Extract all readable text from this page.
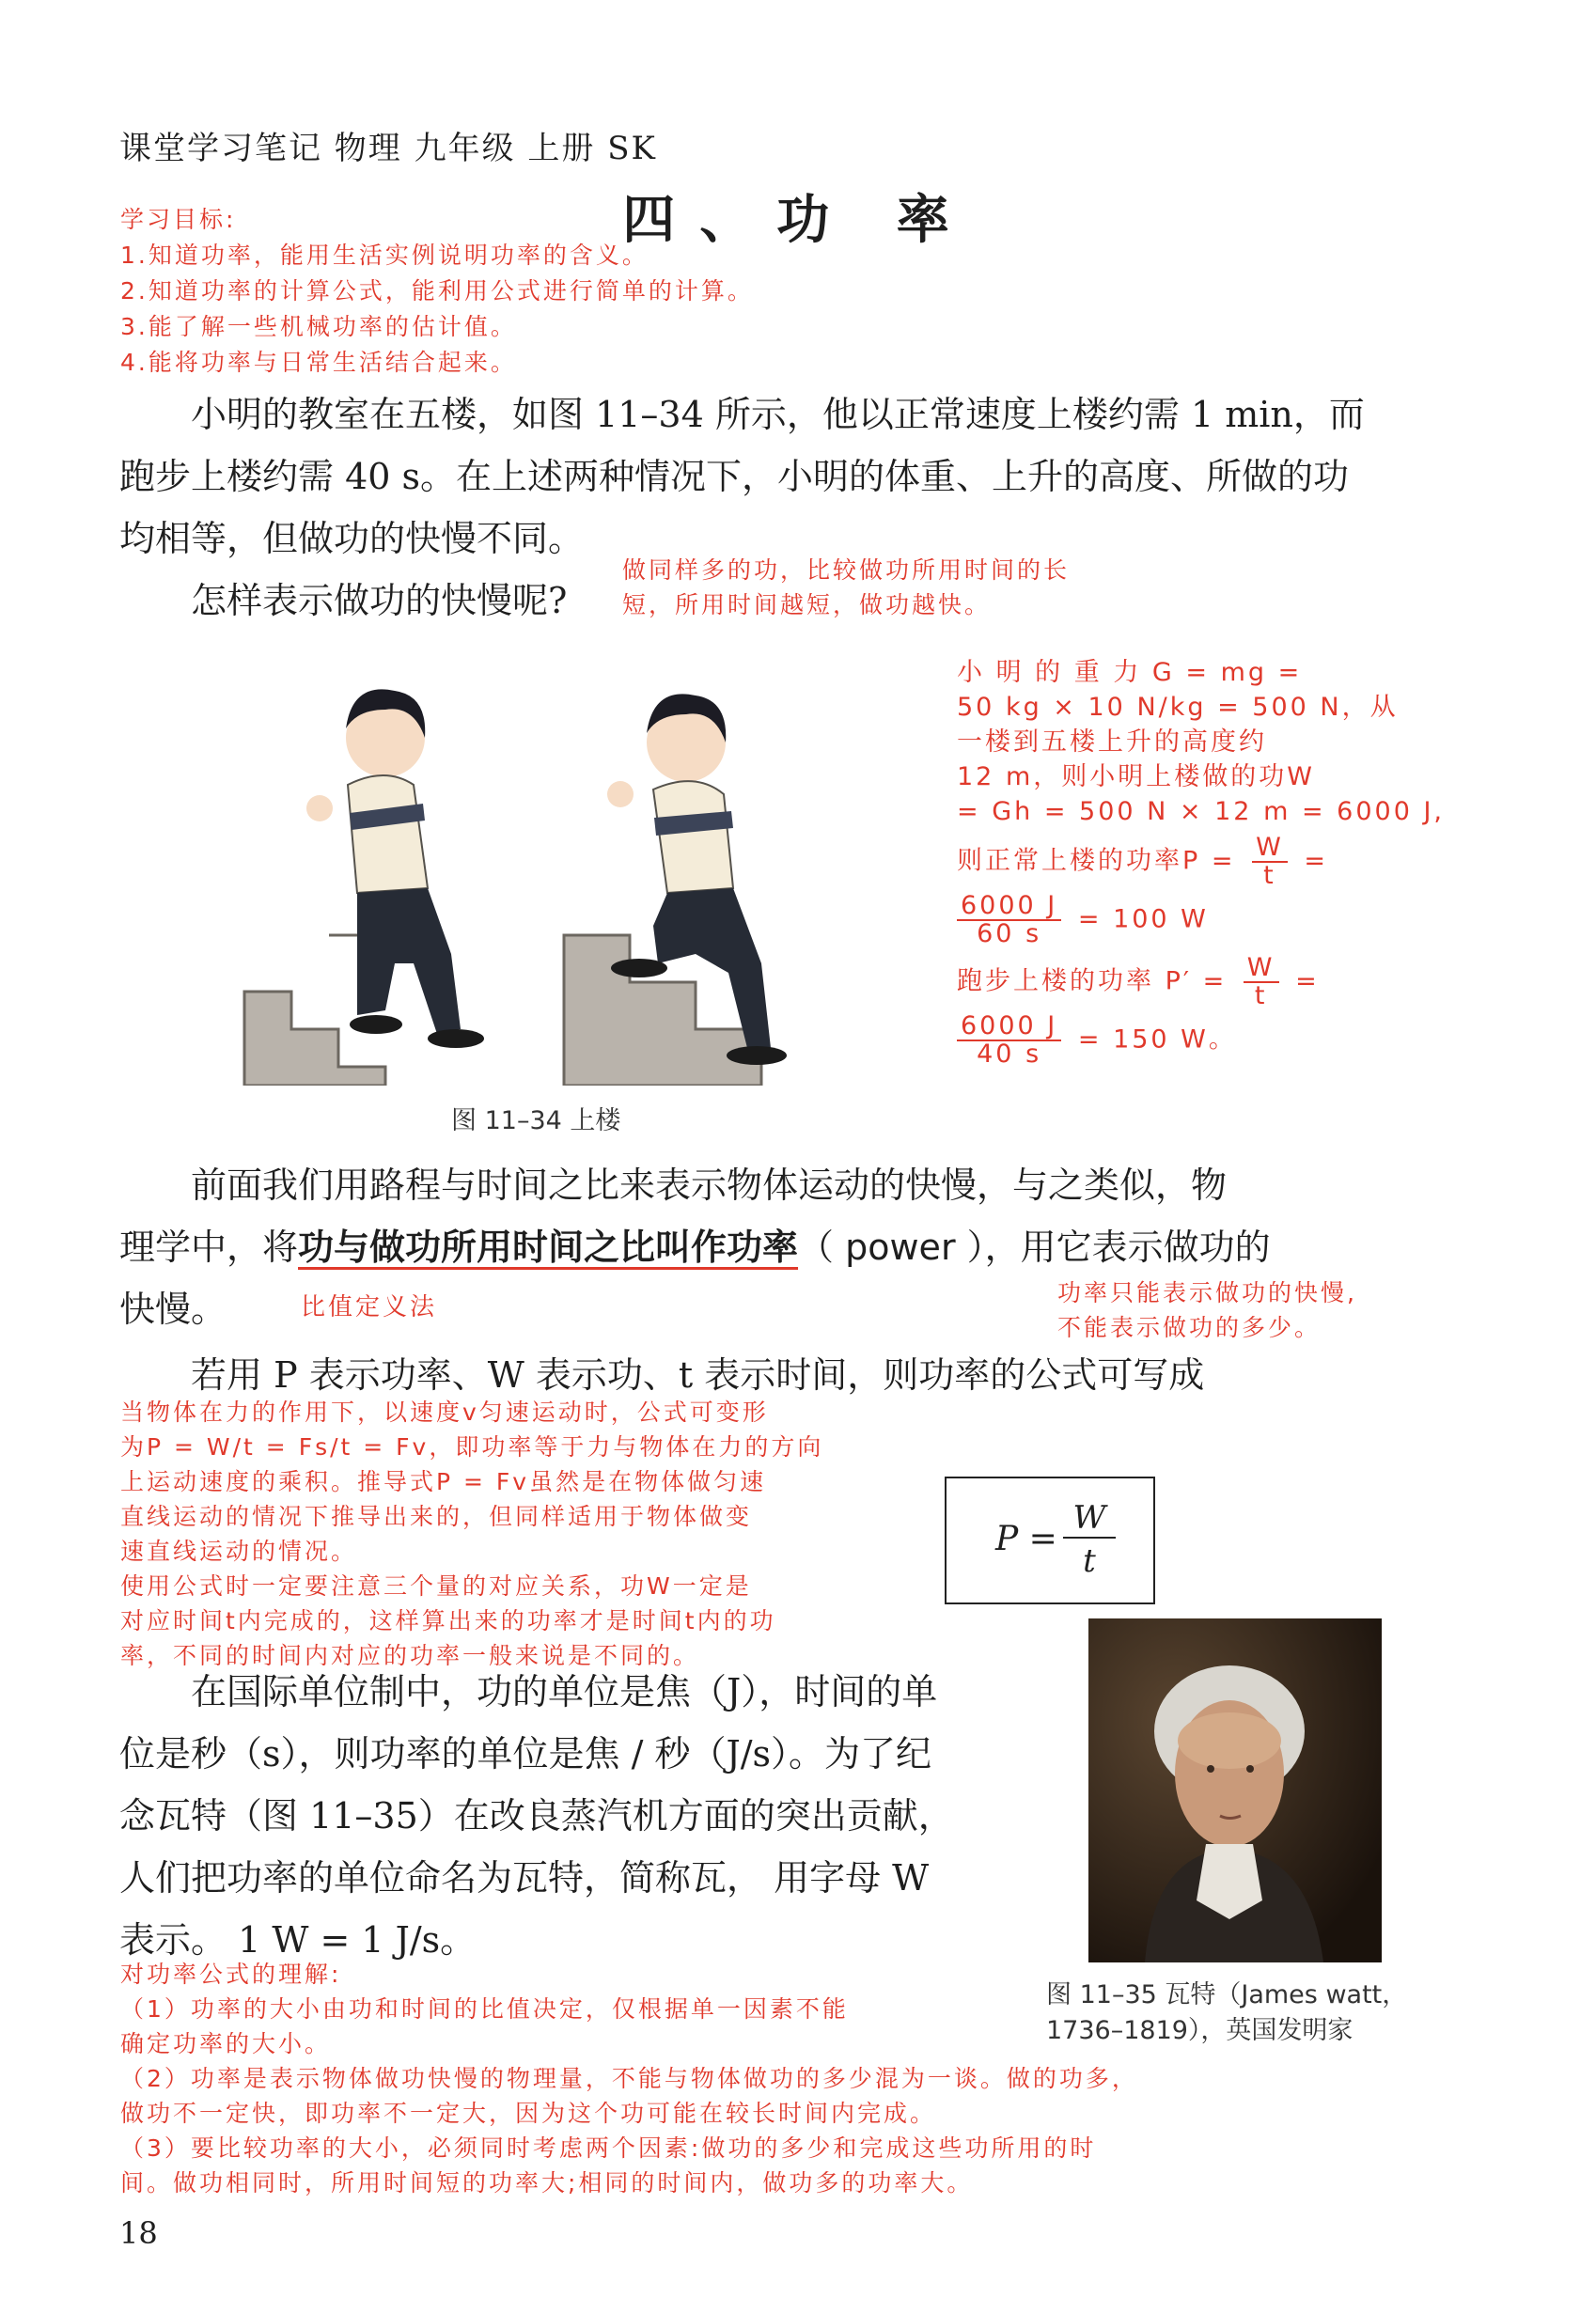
课堂学习笔记 物理 九年级 上册 SK
四、功 率
学习目标:
1.知道功率，能用生活实例说明功率的含义。
2.知道功率的计算公式，能利用公式进行简单的计算。
3.能了解一些机械功率的估计值。
4.能将功率与日常生活结合起来。
小明的教室在五楼，如图 11–34 所示，他以正常速度上楼约需 1 min，而
跑步上楼约需 40 s。在上述两种情况下，小明的体重、上升的高度、所做的功
均相等，但做功的快慢不同。
怎样表示做功的快慢呢?
做同样多的功，比较做功所用时间的长
短，所用时间越短，做功越快。
图 11–34 上楼
小 明 的 重 力 G = mg =
50 kg × 10 N/kg = 500 N，从
一楼到五楼上升的高度约
12 m，则小明上楼做的功W
= Gh = 500 N × 12 m = 6000 J,
则正常上楼的功率$P = \frac{W}{t}$ =
$\frac{6000 J}{60 s} = 100$ W
跑步上楼的功率 $P' = \frac{W}{t}$ =
$\frac{6000 J}{40 s} = 150$ W。
前面我们用路程与时间之比来表示物体运动的快慢，与之类似，物
理学中，将功与做功所用时间之比叫作功率（ power ），用它表示做功的
快慢。	比值定义法
功率只能表示做功的快慢,
不能表示做功的多少。
若用 P 表示功率、W 表示功、t 表示时间，则功率的公式可写成
当物体在力的作用下，以速度v匀速运动时，公式可变形
为P = W/t = Fs/t = Fv，即功率等于力与物体在力的方向
上运动速度的乘积。推导式P = Fv虽然是在物体做匀速
直线运动的情况下推导出来的，但同样适用于物体做变
速直线运动的情况。
使用公式时一定要注意三个量的对应关系，功W一定是
对应时间t内完成的，这样算出来的功率才是时间t内的功
率，不同的时间内对应的功率一般来说是不同的。
P =
W
t
在国际单位制中，功的单位是焦（J），时间的单
位是秒（s），则功率的单位是焦 / 秒（J/s）。为了纪
念瓦特（图 11–35）在改良蒸汽机方面的突出贡献，
人们把功率的单位命名为瓦特，简称瓦， 用字母 W
表示。 1 W = 1 J/s。
图 11–35 瓦特（James watt，
1736–1819），英国发明家
对功率公式的理解:
（1）功率的大小由功和时间的比值决定，仅根据单一因素不能
确定功率的大小。
（2）功率是表示物体做功快慢的物理量，不能与物体做功的多少混为一谈。做的功多，
做功不一定快，即功率不一定大，因为这个功可能在较长时间内完成。
（3）要比较功率的大小，必须同时考虑两个因素:做功的多少和完成这些功所用的时
间。做功相同时，所用时间短的功率大;相同的时间内，做功多的功率大。
18
